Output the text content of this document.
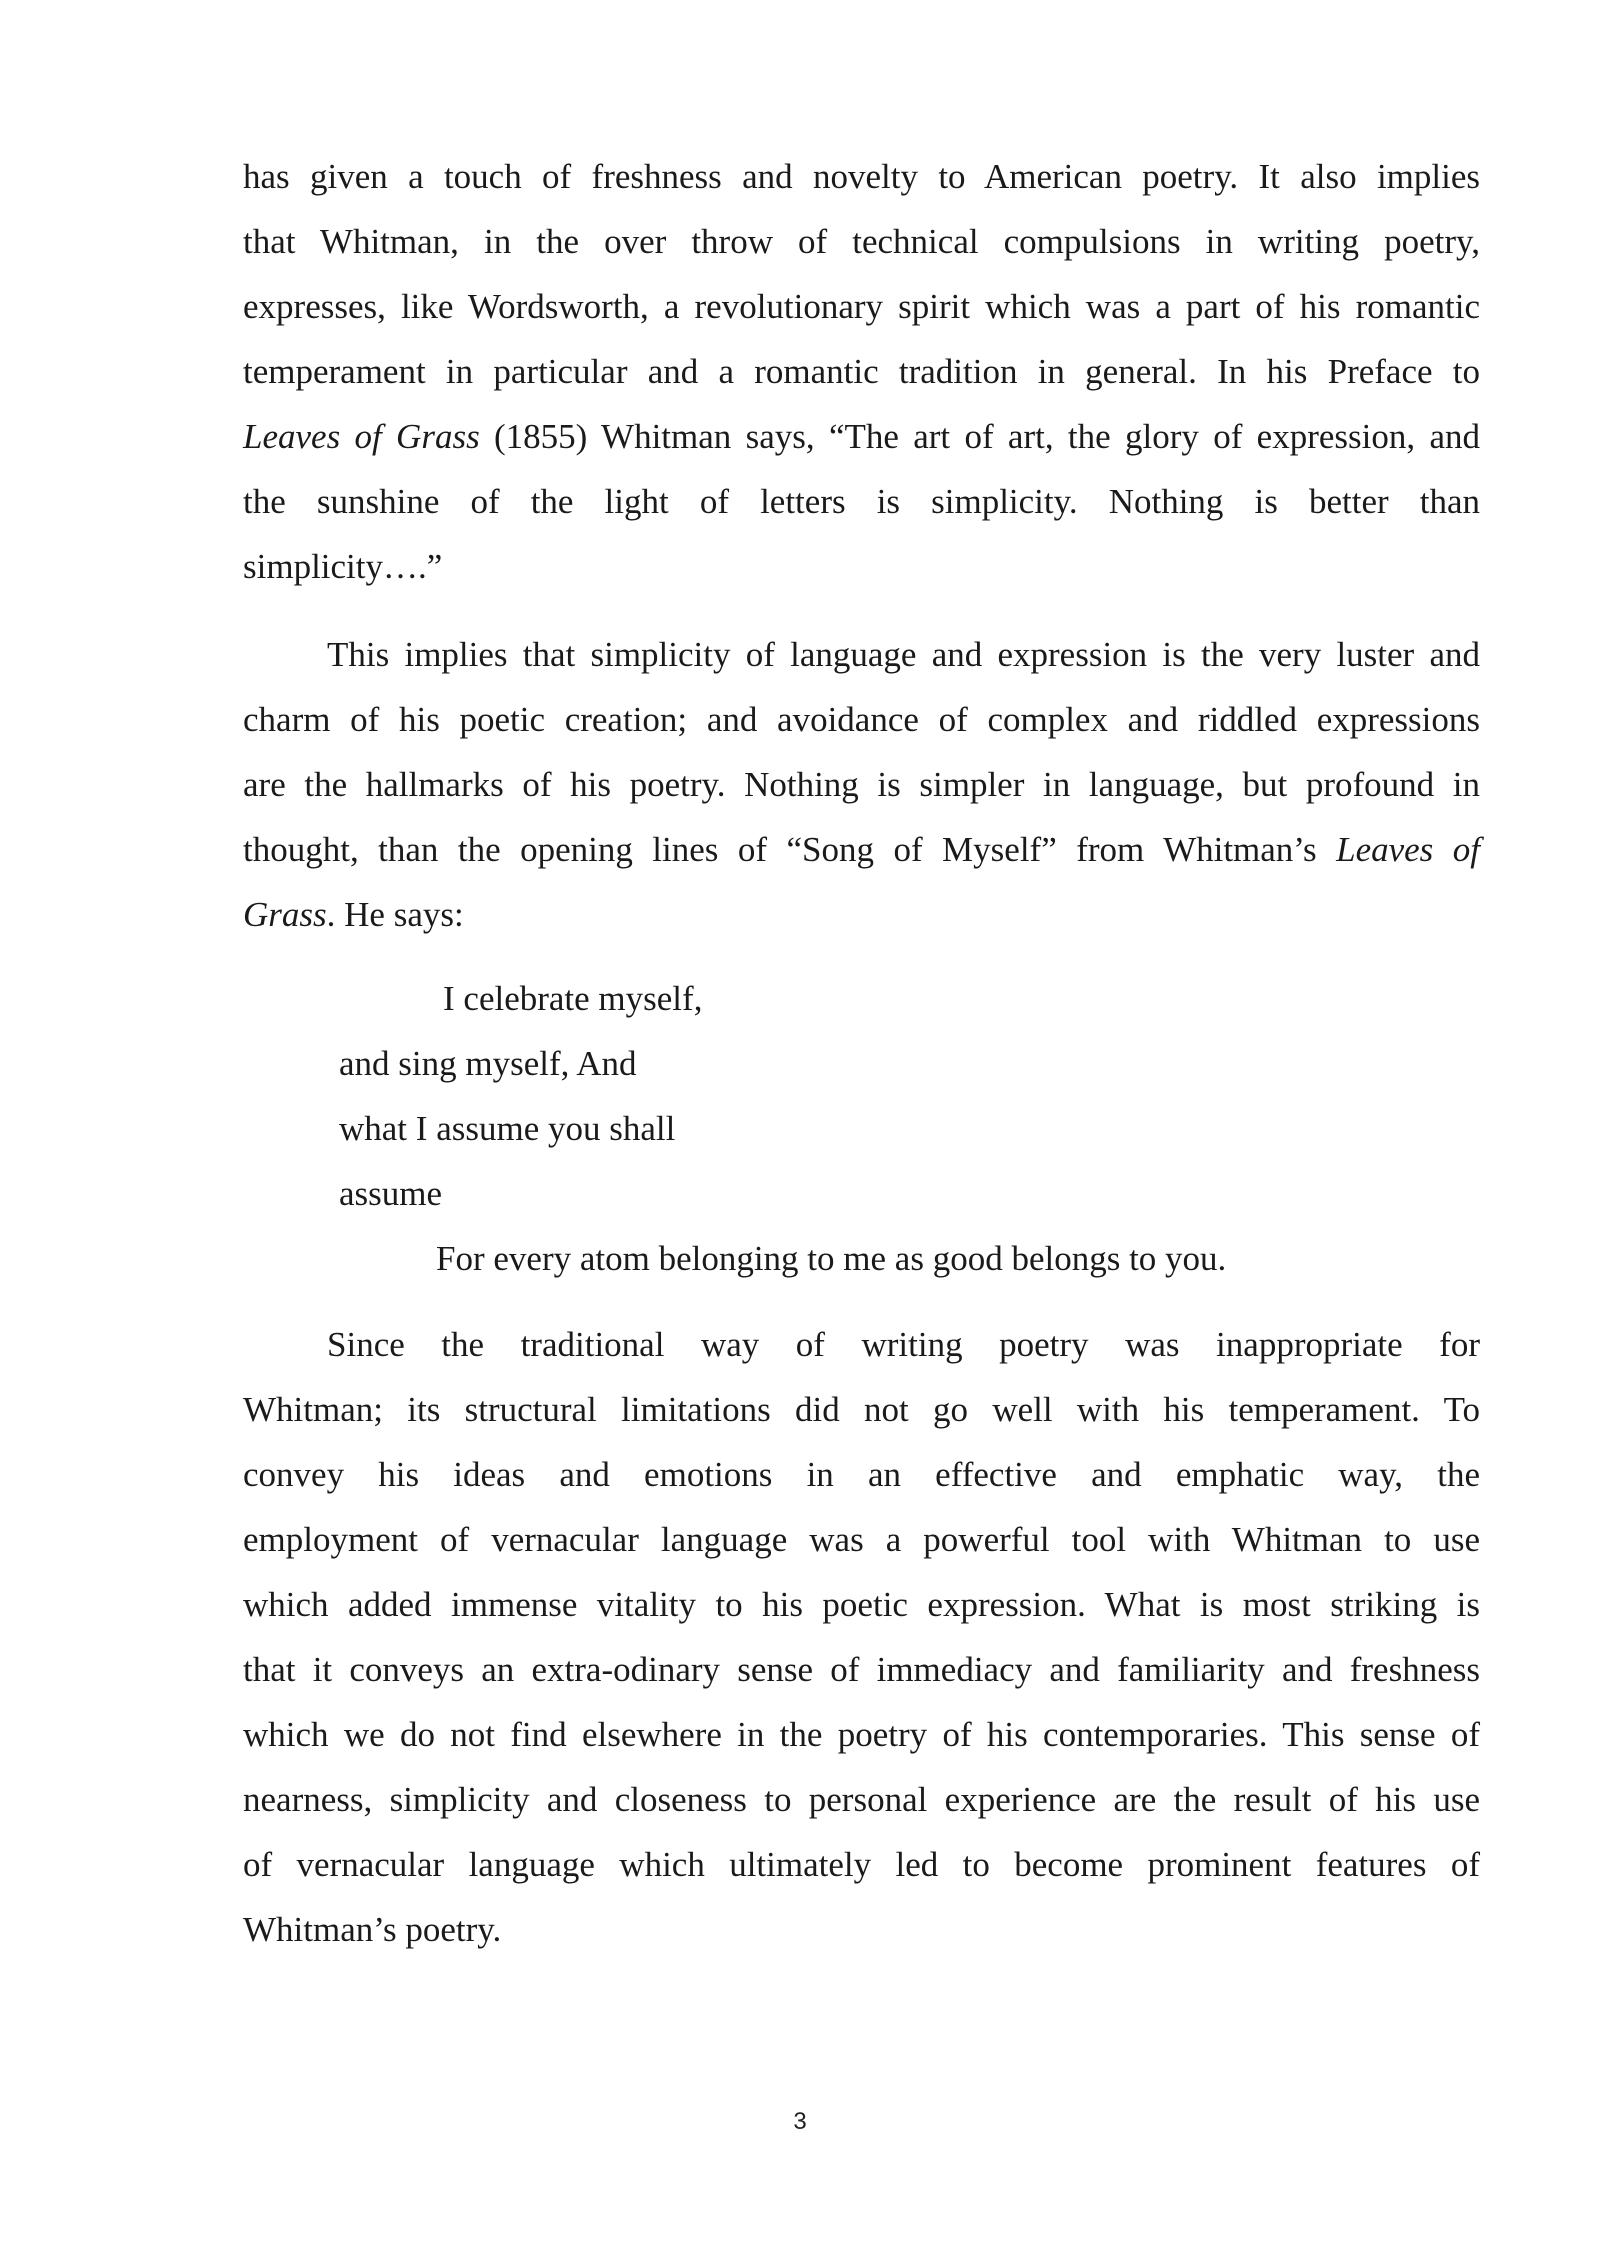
has given a touch of freshness and novelty to American poetry. It also implies
that Whitman, in the over throw of technical compulsions in writing poetry,
expresses, like Wordsworth, a revolutionary spirit which was a part of his romantic
temperament in particular and a romantic tradition in general. In his Preface to
Leaves of Grass (1855) Whitman says, “The art of art, the glory of expression, and
the sunshine of the light of letters is simplicity. Nothing is better than
simplicity….”
This implies that simplicity of language and expression is the very luster and
charm of his poetic creation; and avoidance of complex and riddled expressions
are the hallmarks of his poetry. Nothing is simpler in language, but profound in
thought, than the opening lines of “Song of Myself” from Whitman’s Leaves of
Grass. He says:
I celebrate myself,
and sing myself, And
what I assume you shall
assume
For every atom belonging to me as good belongs to you.
Since the traditional way of writing poetry was inappropriate for
Whitman; its structural limitations did not go well with his temperament. To
convey his ideas and emotions in an effective and emphatic way, the
employment of vernacular language was a powerful tool with Whitman to use
which added immense vitality to his poetic expression. What is most striking is
that it conveys an extra-odinary sense of immediacy and familiarity and freshness
which we do not find elsewhere in the poetry of his contemporaries. This sense of
nearness, simplicity and closeness to personal experience are the result of his use
of vernacular language which ultimately led to become prominent features of
Whitman’s poetry.
3
